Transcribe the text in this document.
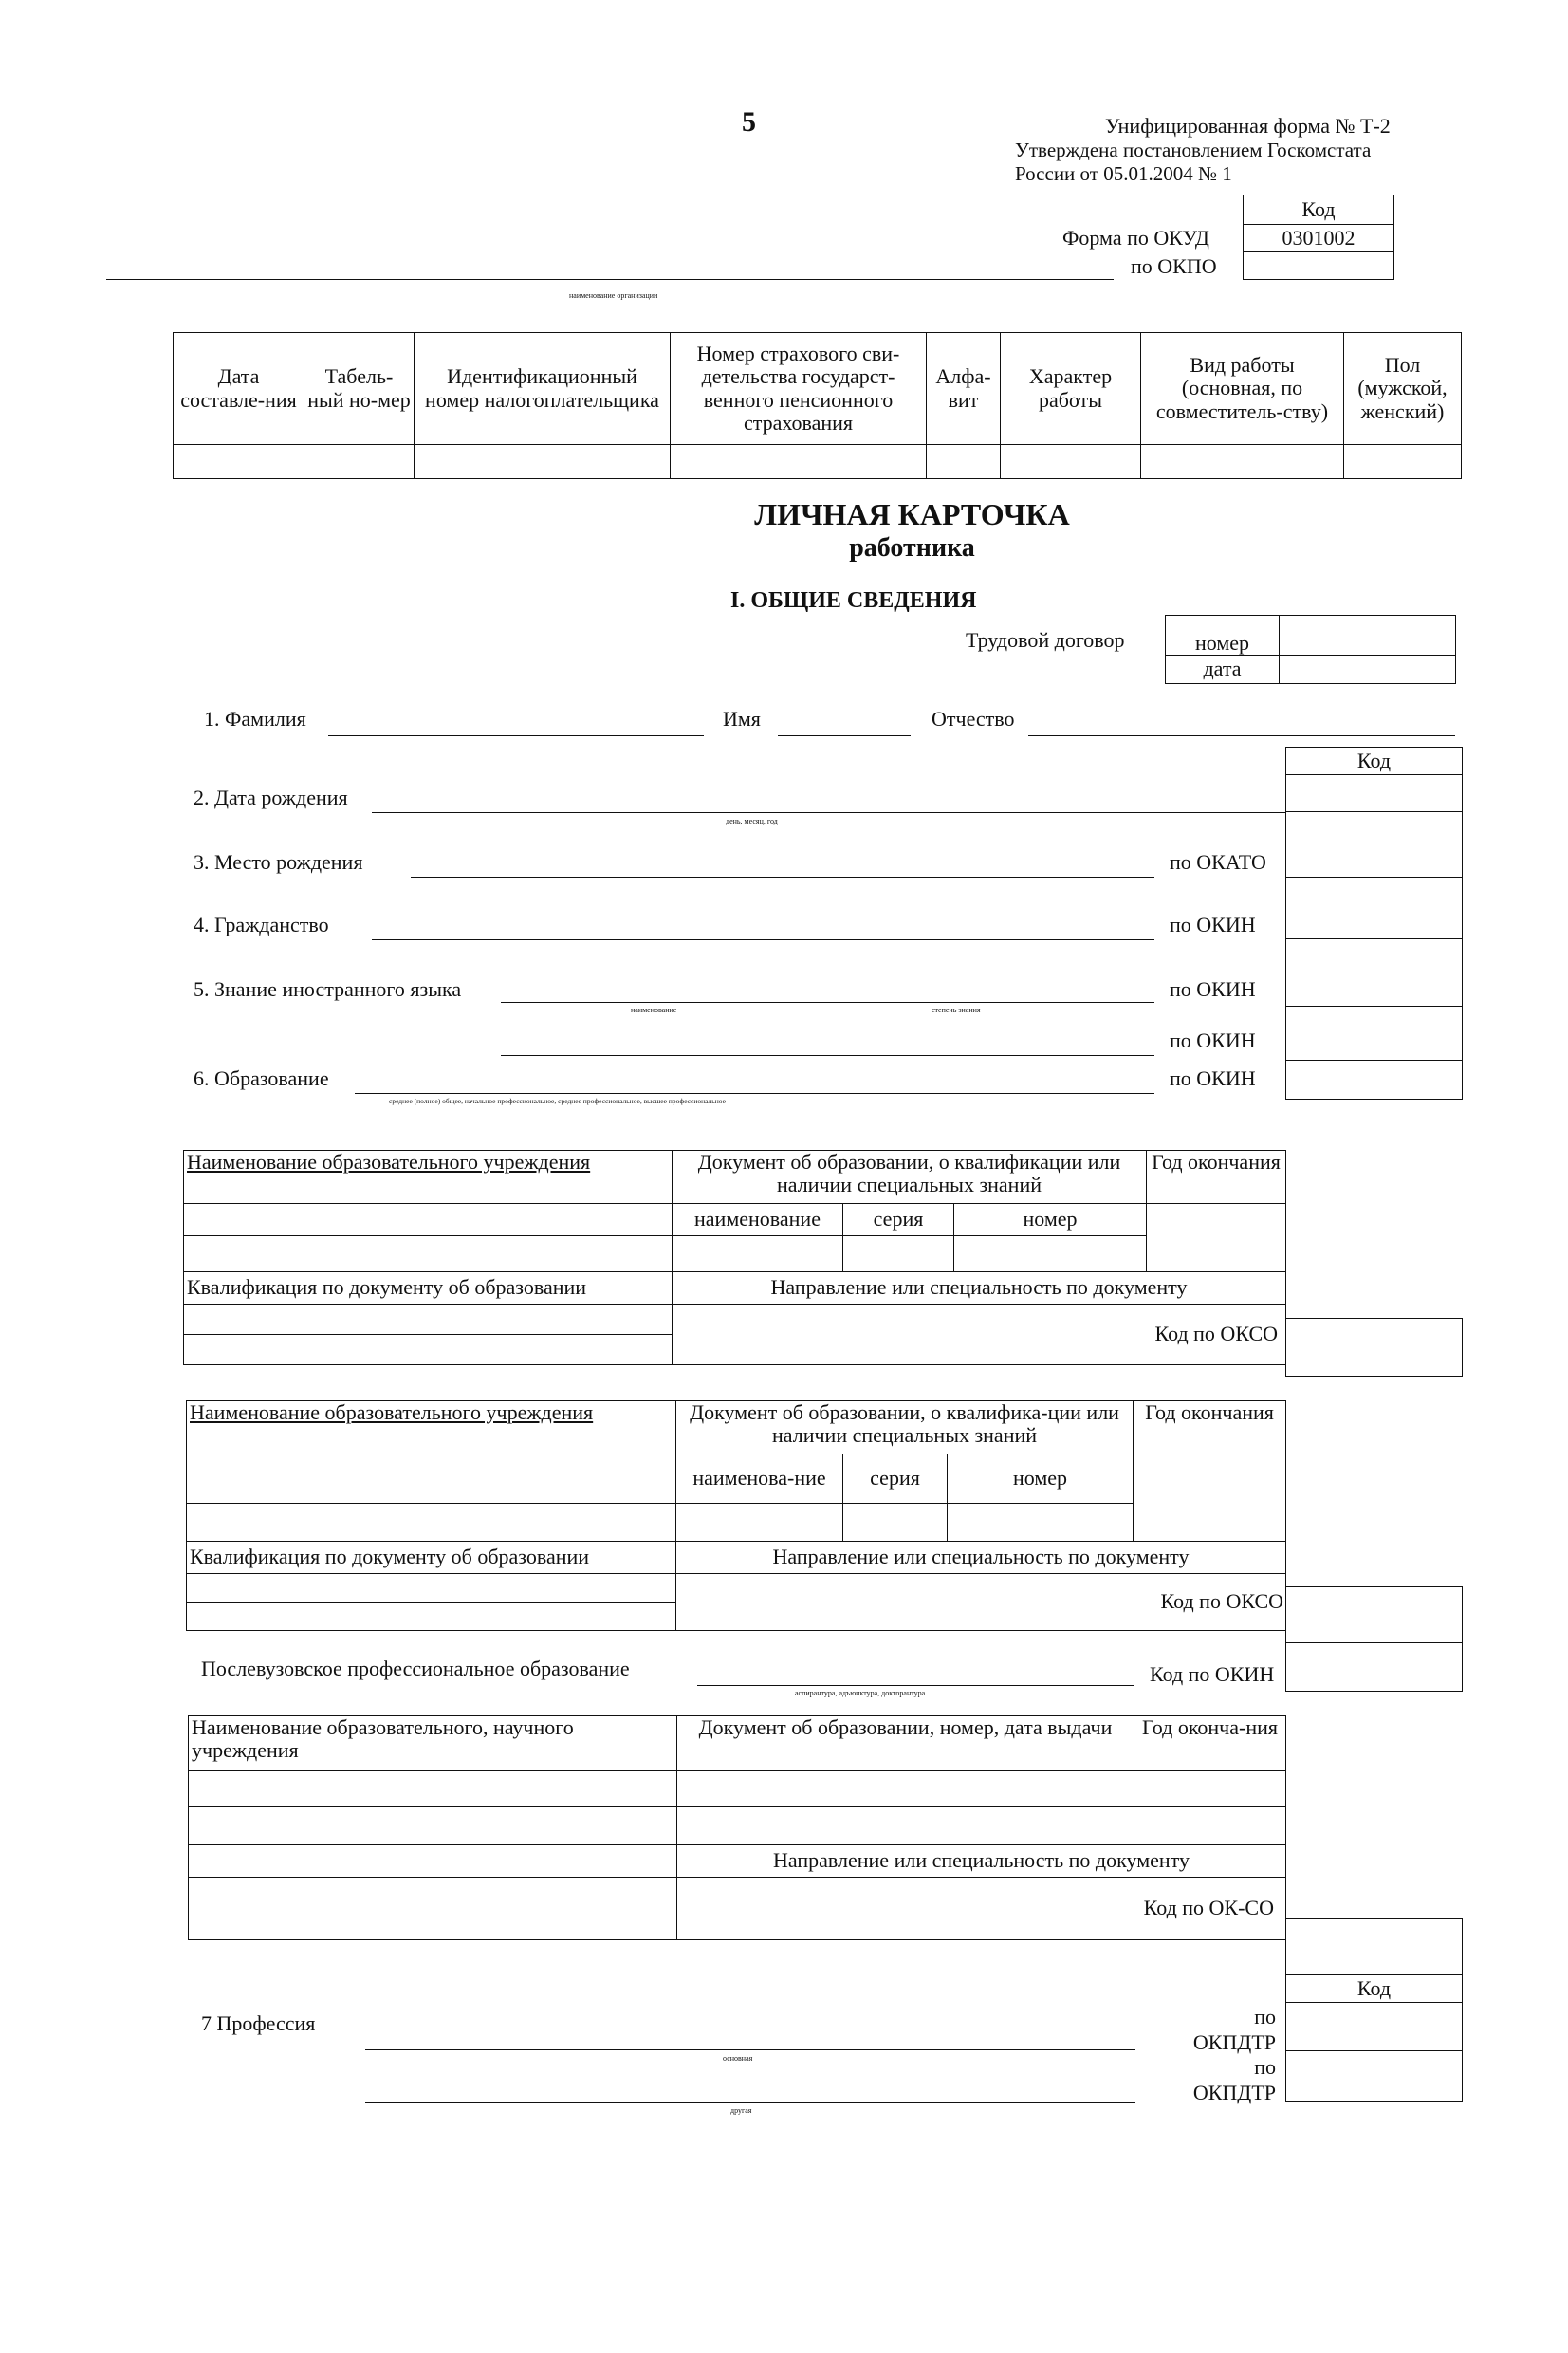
5	Унифицированная форма № Т-2
Утверждена постановлением Госкомстата
России от 05.01.2004 № 1
Код
0301002
Форма по ОКУД
по ОКПО
наименование организации
Дата составле-ния	Табель-ный но-мер	Идентификационный номер налогоплательщика	Номер страхового сви-детельства государст-венного пенсионного страхования	Алфа-вит	Характер работы	Вид работы (основная, по совместитель-ству)	Пол (мужской, женский)

ЛИЧНАЯ КАРТОЧКА
работника
I. ОБЩИЕ СВЕДЕНИЯ
Трудовой договор	номер	
дата	
1. Фамилия	Имя	Отчество
Код
2. Дата рождения
день, месяц, год
3. Место рождения	по ОКАТО
4. Гражданство	по ОКИН
5. Знание иностранного языка
наименование	степень знания
по ОКИН
по ОКИН
6. Образование
среднее (полное) общее, начальное профессиональное, среднее профессиональное, высшее профессиональное
по ОКИН
Наименование образовательного учреждения	Документ об образовании, о квалификации или наличии специальных знаний			Год окончания
	наименование	серия	номер	

Квалификация по документу об образовании	Направление или специальность по документу			
	Код по ОКСО			

Наименование образовательного учреждения	Документ об образовании, о квалифика-ции или наличии специальных знаний			Год окончания
	наименова-ние	серия	номер	

Квалификация по документу об образовании	Направление или специальность по документу			
	Код по ОКСО			

Послевузовское профессиональное образование
аспирантура, адъюнктура, докторантура
Код по ОКИН
Наименование образовательного, научного учреждения	Документ об образовании, номер, дата выдачи	Год оконча-ния

	Направление или специальность по документу	
	Код по ОК-СО	
Код
7 Профессия
основная
другая
по ОКПДТР
по ОКПДТР
